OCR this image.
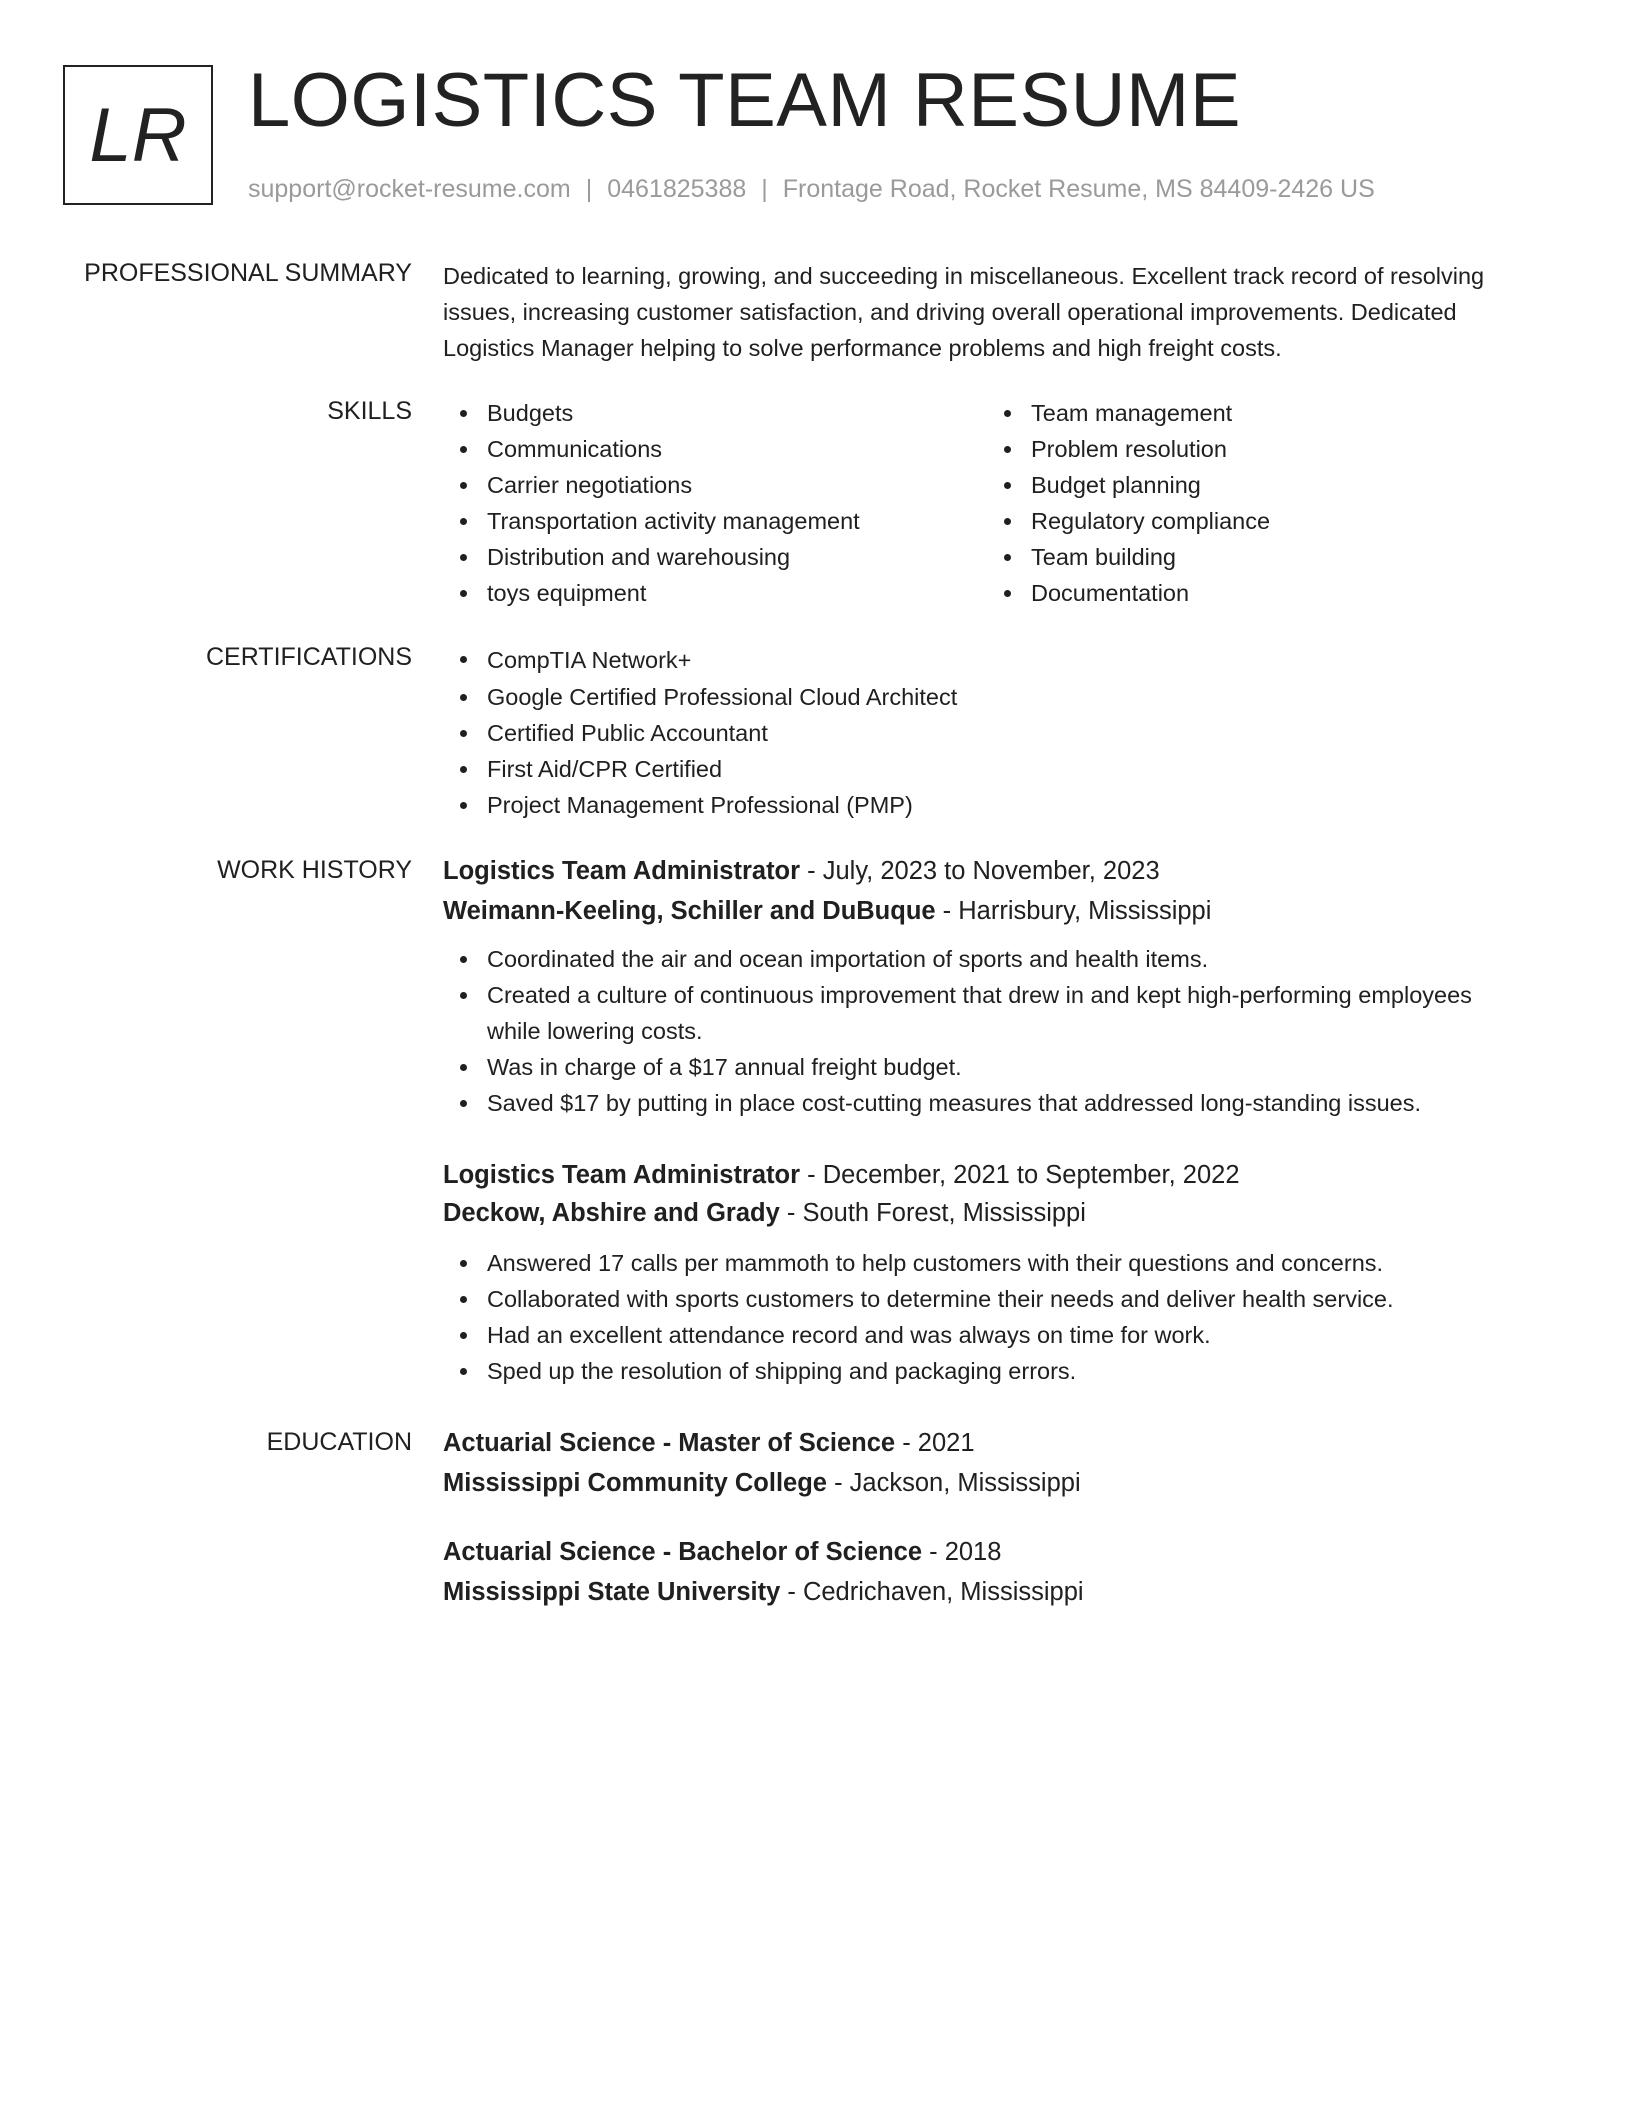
LR LOGISTICS TEAM RESUME
support@rocket-resume.com | 0461825388 | Frontage Road, Rocket Resume, MS 84409-2426 US
PROFESSIONAL SUMMARY Dedicated to learning, growing, and succeeding in miscellaneous. Excellent track record of resolving issues, increasing customer satisfaction, and driving overall operational improvements. Dedicated Logistics Manager helping to solve performance problems and high freight costs.
SKILLS	Budgets
Communications
Carrier negotiations
Transportation activity management
Distribution and warehousing
toys equipment
Team management
Problem resolution
Budget planning
Regulatory compliance
Team building
Documentation
CERTIFICATIONS	CompTIA Network+
Google Certified Professional Cloud Architect
Certified Public Accountant
First Aid/CPR Certified
Project Management Professional (PMP)
WORK HISTORY Logistics Team Administrator - July, 2023 to November, 2023
Weimann-Keeling, Schiller and DuBuque - Harrisbury, Mississippi
Coordinated the air and ocean importation of sports and health items.
Created a culture of continuous improvement that drew in and kept high-performing employees while lowering costs.
Was in charge of a $17 annual freight budget.
Saved $17 by putting in place cost-cutting measures that addressed long-standing issues.
Logistics Team Administrator - December, 2021 to September, 2022
Deckow, Abshire and Grady - South Forest, Mississippi
Answered 17 calls per mammoth to help customers with their questions and concerns.
Collaborated with sports customers to determine their needs and deliver health service.
Had an excellent attendance record and was always on time for work.
Sped up the resolution of shipping and packaging errors.
EDUCATION Actuarial Science - Master of Science - 2021
Mississippi Community College - Jackson, Mississippi
Actuarial Science - Bachelor of Science - 2018
Mississippi State University - Cedrichaven, Mississippi
